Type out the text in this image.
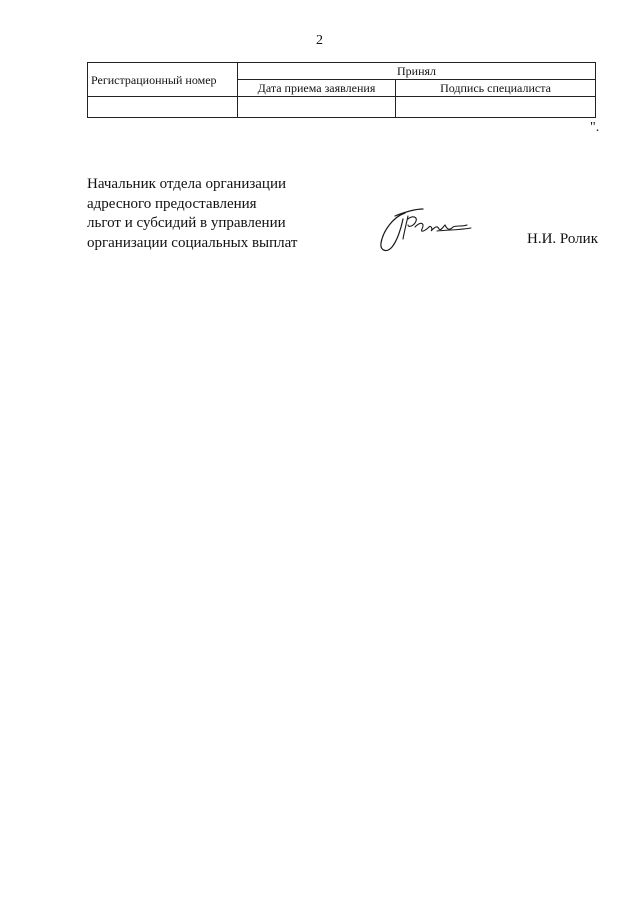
2
Регистрационный номер	Принял	
	Дата приема заявления	Подпись специалиста

".
Начальник отдела организации
адресного предоставления
льгот и субсидий в управлении
организации социальных выплат	Н.И. Ролик
